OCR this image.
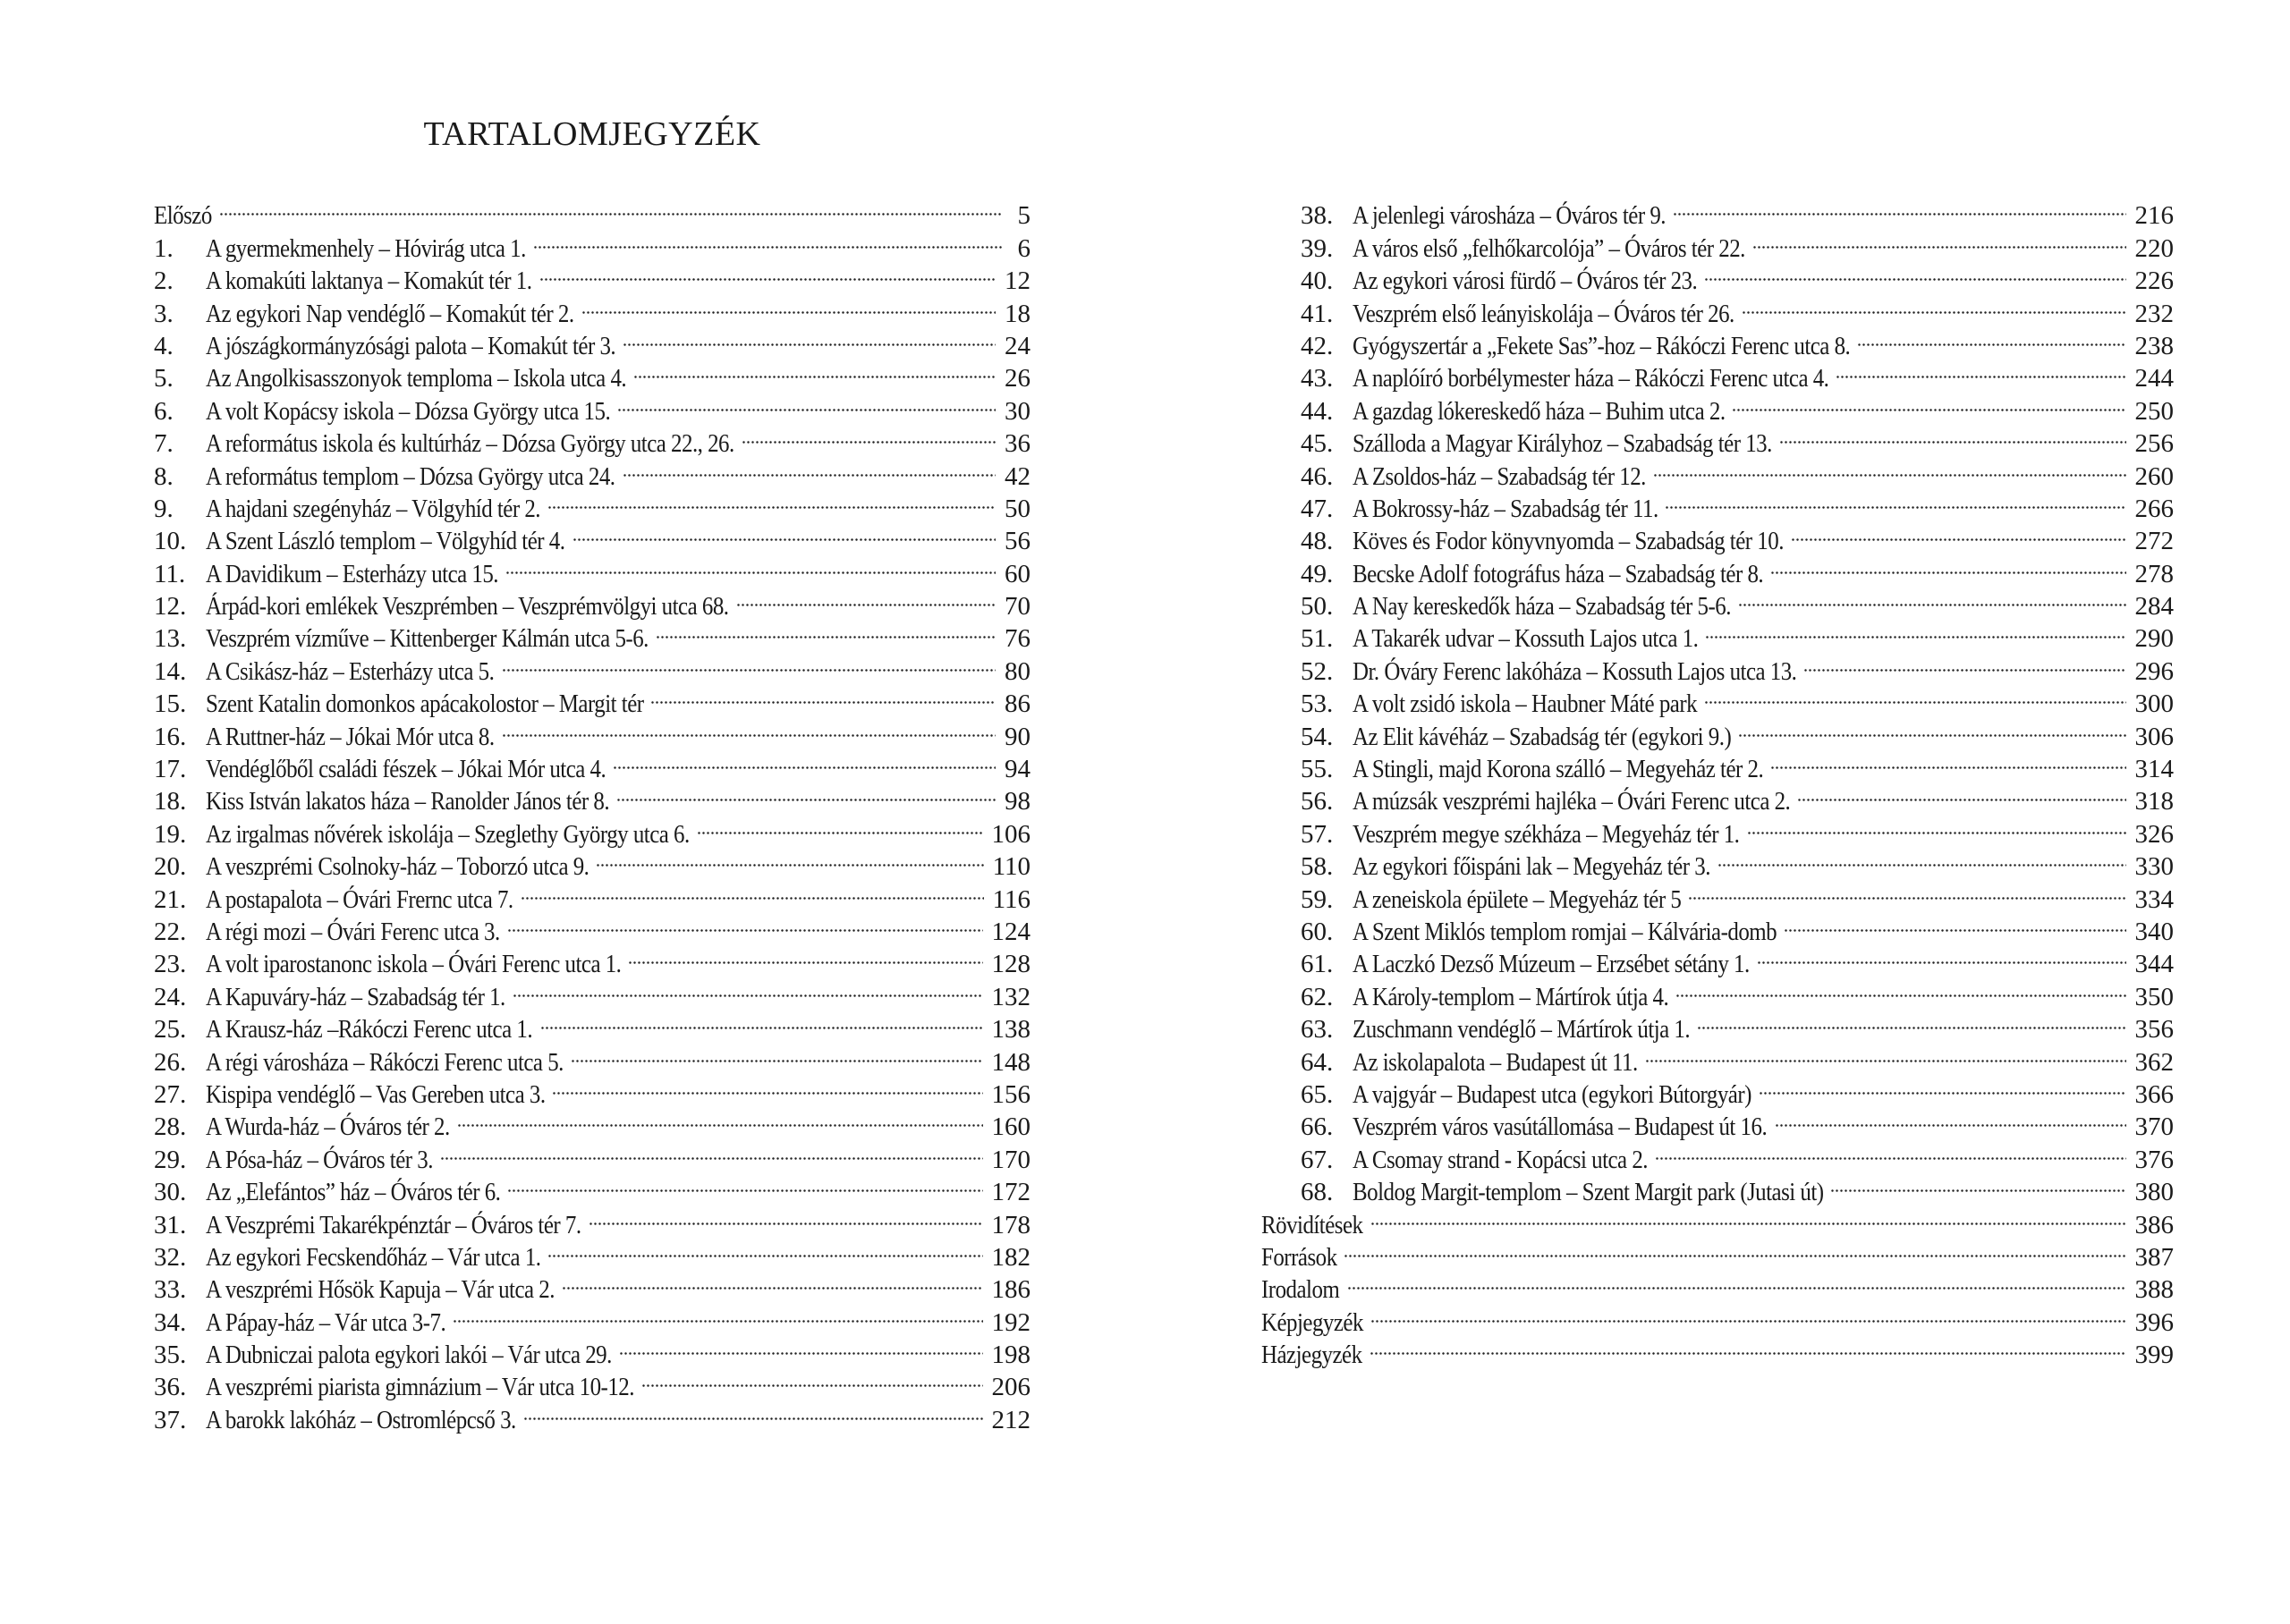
TARTALOMJEGYZÉK
Előszó	5
1.	A gyermekmenhely – Hóvirág utca 1.	6
2.	A komakúti laktanya – Komakút tér 1.	12
3.	Az egykori Nap vendéglő – Komakút tér 2.	18
4.	A jószágkormányzósági palota – Komakút tér 3.	24
5.	Az Angolkisasszonyok temploma – Iskola utca 4.	26
6.	A volt Kopácsy iskola – Dózsa György utca 15.	30
7.	A református iskola és kultúrház – Dózsa György utca 22., 26.	36
8.	A református templom – Dózsa György utca 24.	42
9.	A hajdani szegényház – Völgyhíd tér 2.	50
10. A Szent László templom – Völgyhíd tér 4.	56
11. A Davidikum – Esterházy utca 15.	60
12. Árpád-kori emlékek Veszprémben – Veszprémvölgyi utca 68.	70
13. Veszprém vízműve – Kittenberger Kálmán utca 5-6.	76
14. A Csikász-ház – Esterházy utca 5.	80
15. Szent Katalin domonkos apácakolostor – Margit tér	86
16. A Ruttner-ház – Jókai Mór utca 8.	90
17. Vendéglőből családi fészek – Jókai Mór utca 4.	94
18. Kiss István lakatos háza – Ranolder János tér 8.	98
19. Az irgalmas nővérek iskolája – Szeglethy György utca 6.	106
20. A veszprémi Csolnoky-ház – Toborzó utca 9.	110
21. A postapalota – Óvári Frernc utca 7.	116
22. A régi mozi – Óvári Ferenc utca 3.	124
23. A volt iparostanonc iskola – Óvári Ferenc utca 1.	128
24. A Kapuváry-ház – Szabadság tér 1.	132
25. A Krausz-ház –Rákóczi Ferenc utca 1.	138
26. A régi városháza – Rákóczi Ferenc utca 5.	148
27. Kispipa vendéglő – Vas Gereben utca 3.	156
28. A Wurda-ház – Óváros tér 2.	160
29. A Pósa-ház – Óváros tér 3.	170
30. Az „Elefántos” ház – Óváros tér 6.	172
31. A Veszprémi Takarékpénztár – Óváros tér 7.	178
32. Az egykori Fecskendőház – Vár utca 1.	182
33. A veszprémi Hősök Kapuja – Vár utca 2.	186
34. A Pápay-ház – Vár utca 3-7.	192
35. A Dubniczai palota egykori lakói – Vár utca 29.	198
36. A veszprémi piarista gimnázium – Vár utca 10-12.	206
37. A barokk lakóház – Ostromlépcső 3.	212
38. A jelenlegi városháza – Óváros tér 9.	216
39. A város első „felhőkarcolója” – Óváros tér 22.	220
40. Az egykori városi fürdő – Óváros tér 23.	226
41. Veszprém első leányiskolája – Óváros tér 26.	232
42. Gyógyszertár a „Fekete Sas”-hoz – Rákóczi Ferenc utca 8.	238
43. A naplóíró borbélymester háza – Rákóczi Ferenc utca 4.	244
44. A gazdag lókereskedő háza – Buhim utca 2.	250
45. Szálloda a Magyar Királyhoz – Szabadság tér 13.	256
46. A Zsoldos-ház – Szabadság tér 12.	260
47. A Bokrossy-ház – Szabadság tér 11.	266
48. Köves és Fodor könyvnyomda – Szabadság tér 10.	272
49. Becske Adolf fotográfus háza – Szabadság tér 8.	278
50. A Nay kereskedők háza – Szabadság tér 5-6.	284
51. A Takarék udvar – Kossuth Lajos utca 1.	290
52. Dr. Óváry Ferenc lakóháza – Kossuth Lajos utca 13.	296
53. A volt zsidó iskola – Haubner Máté park	300
54. Az Elit kávéház – Szabadság tér (egykori 9.)	306
55. A Stingli, majd Korona szálló – Megyeház tér 2.	314
56. A múzsák veszprémi hajléka – Óvári Ferenc utca 2.	318
57. Veszprém megye székháza – Megyeház tér 1.	326
58. Az egykori főispáni lak – Megyeház tér 3.	330
59. A zeneiskola épülete – Megyeház tér 5	334
60. A Szent Miklós templom romjai – Kálvária-domb	340
61. A Laczkó Dezső Múzeum – Erzsébet sétány 1.	344
62. A Károly-templom – Mártírok útja 4.	350
63. Zuschmann vendéglő – Mártírok útja 1.	356
64. Az iskolapalota – Budapest út 11.	362
65. A vajgyár – Budapest utca (egykori Bútorgyár)	366
66. Veszprém város vasútállomása – Budapest út 16.	370
67. A Csomay strand - Kopácsi utca 2.	376
68. Boldog Margit-templom – Szent Margit park (Jutasi út)	380
Rövidítések	386
Források	387
Irodalom	388
Képjegyzék	396
Házjegyzék	399
